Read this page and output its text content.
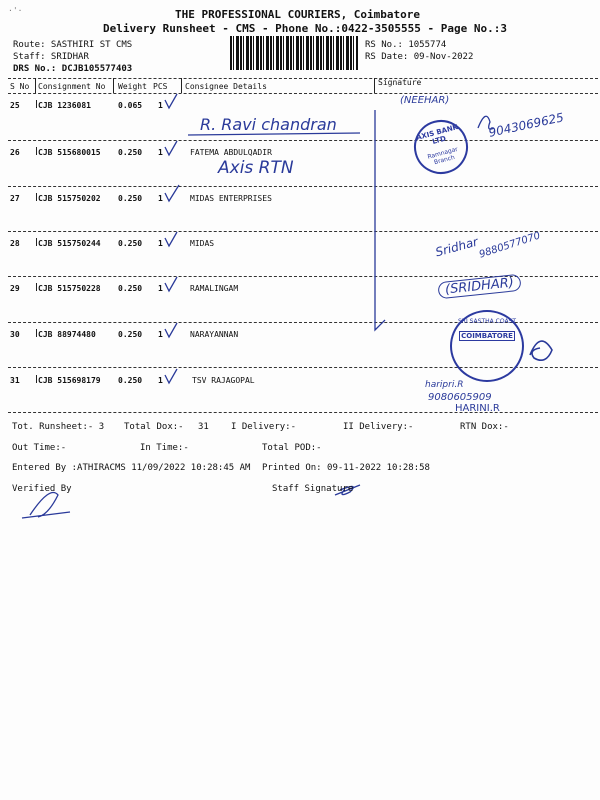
·'·	THE PROFESSIONAL COURIERS, Coimbatore
Delivery Runsheet - CMS - Phone No.:0422-3505555 - Page No.:3
Route: SASTHIRI ST CMS
Staff: SRIDHAR
DRS No.: DCJB105577403
RS No.: 1055774
RS Date: 09-Nov-2022
S No Consignment No Weight PCS Consignee Details	Signature
25 CJB 1236081	0.065 1
26 CJB 515680015 0.250 1	FATEMA ABDULQADIR
27 CJB 515750202 0.250 1	MIDAS ENTERPRISES
28 CJB 515750244 0.250 1	MIDAS
29 CJB 515750228 0.250 1	RAMALINGAM
30 CJB 88974480	0.250 1	NARAYANNAN
31 CJB 515698179 0.250 1	TSV RAJAGOPAL
R. Ravi chandran
(NEEHAR)
9043069625
Axis RTN
Sridhar
9880577070
(SRIDHAR)
haripri.R
9080605909
HARINI.R
AXIS BANK LTD
Ramnagar Branch
SRI SASTHA COAST
COIMBATORE
Tot. Runsheet:- 3 Total Dox:- 31 I Delivery:-	II Delivery:-	RTN Dox:-
Out Time:-	In Time:-	Total POD:-
Entered By :ATHIRACMS 11/09/2022 10:28:45 AM Printed On: 09-11-2022 10:28:58
Verified By	Staff Signature
